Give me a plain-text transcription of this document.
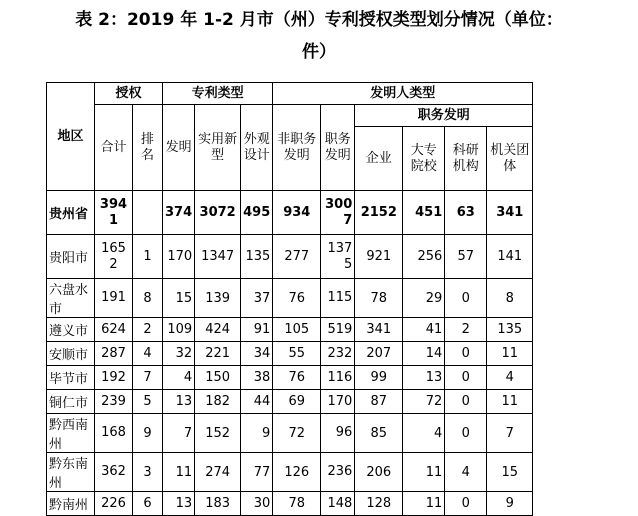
表 2：2019 年 1-2 月市（州）专利授权类型划分情况（单位：
件）
地区	授权		专利类型			发明人类型					
	合计	排名	发明	实用新型	外观设计	非职务发明	职务发明	职务发明			
								企业	大专院校	科研机构	机关团体
贵州省	3941		374	3072	495	934	3007	2152	451	63	341
贵阳市	1652	1	170	1347	135	277	1375	921	256	57	141
六盘水市	191	8	15	139	37	76	115	78	29	0	8
遵义市	624	2	109	424	91	105	519	341	41	2	135
安顺市	287	4	32	221	34	55	232	207	14	0	11
毕节市	192	7	4	150	38	76	116	99	13	0	4
铜仁市	239	5	13	182	44	69	170	87	72	0	11
黔西南州	168	9	7	152	9	72	96	85	4	0	7
黔东南州	362	3	11	274	77	126	236	206	11	4	15
黔南州	226	6	13	183	30	78	148	128	11	0	9
